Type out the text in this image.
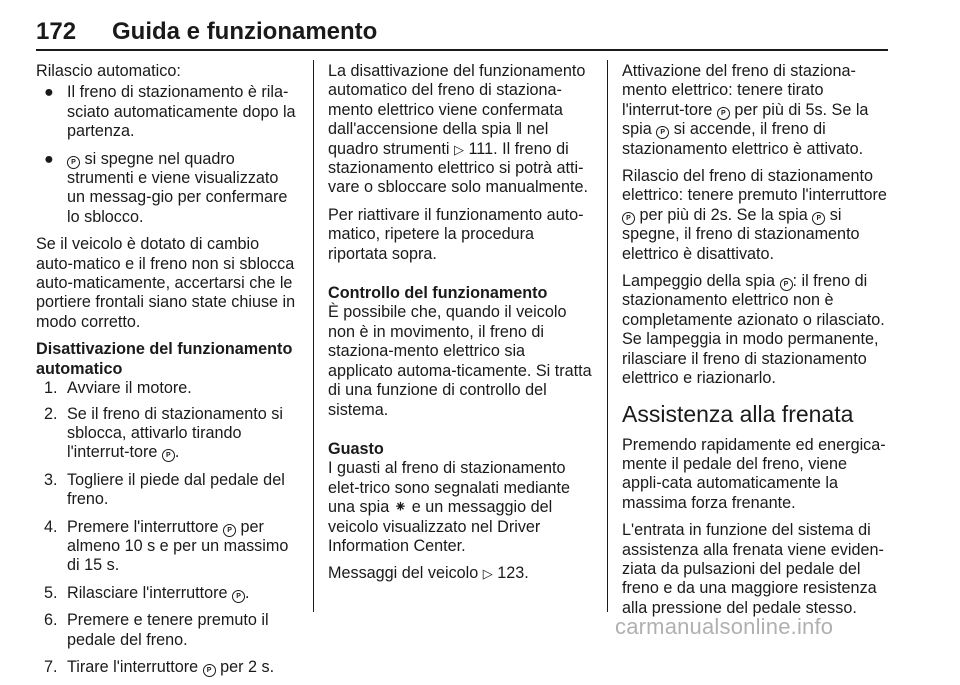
172 Guida e funzionamento

Rilascio automatico:

● Il freno di stazionamento è rila-sciato automaticamente dopo la partenza.
● P si spegne nel quadro strumenti e viene visualizzato un messag-gio per confermare lo sblocco.

Se il veicolo è dotato di cambio auto-matico e il freno non si sblocca auto-maticamente, accertarsi che le portiere frontali siano state chiuse in modo corretto.

Disattivazione del funzionamento automatico

1. Avviare il motore.
2. Se il freno di stazionamento si sblocca, attivarlo tirando l'interrut-tore P .
3. Togliere il piede dal pedale del freno.
4. Premere l'interruttore P per almeno 10 s e per un massimo di 15 s.
5. Rilasciare l'interruttore P .
6. Premere e tenere premuto il pedale del freno.
7. Tirare l'interruttore P per 2 s.

La disattivazione del funzionamento automatico del freno di staziona-mento elettrico viene confermata dall'accensione della spia ‖ nel quadro strumenti ▷ 111. Il freno di stazionamento elettrico si potrà atti-vare o sbloccare solo manualmente.

Per riattivare il funzionamento auto-matico, ripetere la procedura riportata sopra.

Controllo del funzionamento

È possibile che, quando il veicolo non è in movimento, il freno di staziona-mento elettrico sia applicato automa-ticamente. Si tratta di una funzione di controllo del sistema.

Guasto

I guasti al freno di stazionamento elet-trico sono segnalati mediante una spia ⁕ e un messaggio del veicolo visualizzato nel Driver Information Center.

Messaggi del veicolo ▷ 123.

Attivazione del freno di staziona-mento elettrico: tenere tirato l'interrut-tore P per più di 5s. Se la spia P si accende, il freno di stazionamento elettrico è attivato.

Rilascio del freno di stazionamento elettrico: tenere premuto l'interruttore P per più di 2s. Se la spia P si spegne, il freno di stazionamento elettrico è disattivato.

Lampeggio della spia P : il freno di stazionamento elettrico non è completamente azionato o rilasciato. Se lampeggia in modo permanente, rilasciare il freno di stazionamento elettrico e riazionarlo.

Assistenza alla frenata

Premendo rapidamente ed energica-mente il pedale del freno, viene appli-cata automaticamente la massima forza frenante.

L'entrata in funzione del sistema di assistenza alla frenata viene eviden-ziata da pulsazioni del pedale del freno e da una maggiore resistenza alla pressione del pedale stesso.

carmanualsonline.info
